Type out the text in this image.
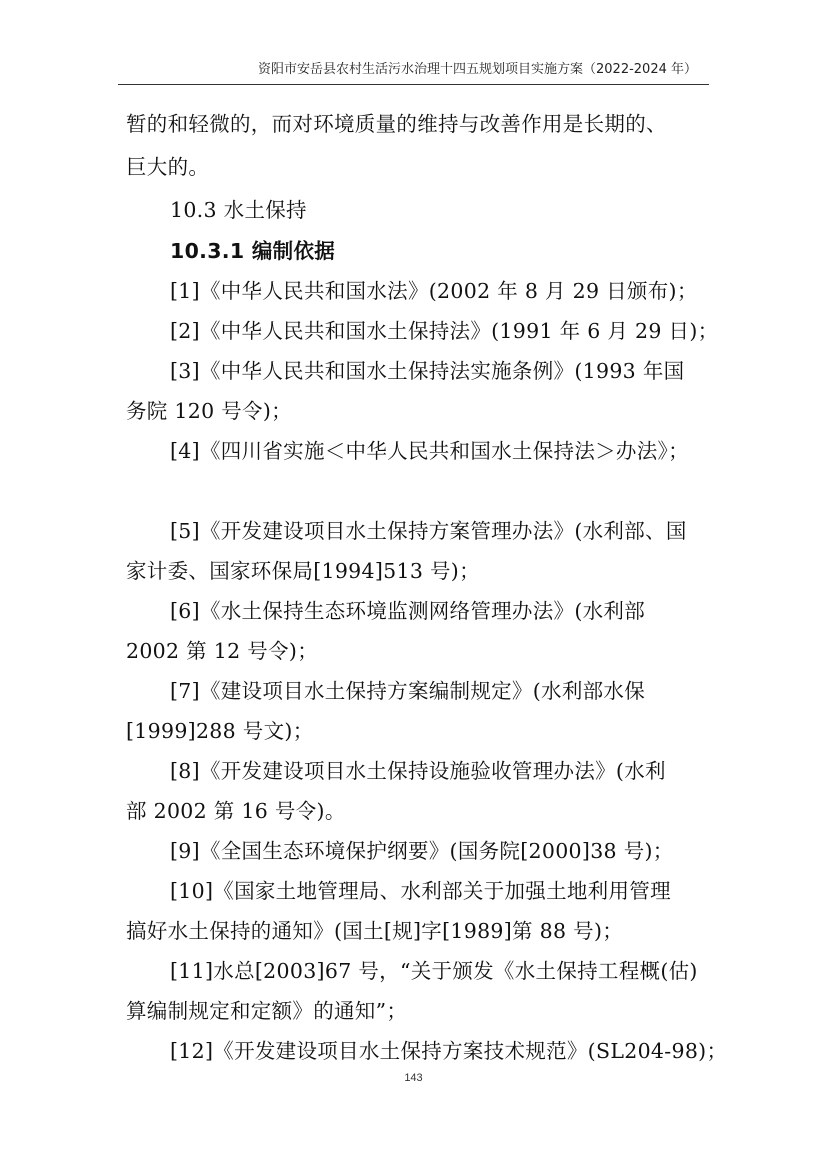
资阳市安岳县农村生活污水治理十四五规划项目实施方案（2022-2024 年）
暂的和轻微的，而对环境质量的维持与改善作用是长期的、
巨大的。
10.3 水土保持
10.3.1 编制依据
[1]《中华人民共和国水法》(2002 年 8 月 29 日颁布)；
[2]《中华人民共和国水土保持法》(1991 年 6 月 29 日)；
[3]《中华人民共和国水土保持法实施条例》(1993 年国
务院 120 号令)；
[4]《四川省实施＜中华人民共和国水土保持法＞办法》；
[5]《开发建设项目水土保持方案管理办法》(水利部、国
家计委、国家环保局[1994]513 号)；
[6]《水土保持生态环境监测网络管理办法》(水利部
2002 第 12 号令)；
[7]《建设项目水土保持方案编制规定》(水利部水保
[1999]288 号文)；
[8]《开发建设项目水土保持设施验收管理办法》(水利
部 2002 第 16 号令)。
[9]《全国生态环境保护纲要》(国务院[2000]38 号)；
[10]《国家土地管理局、水利部关于加强土地利用管理
搞好水土保持的通知》(国土[规]字[1989]第 88 号)；
[11]水总[2003]67 号，“关于颁发《水土保持工程概(估)
算编制规定和定额》的通知”；
[12]《开发建设项目水土保持方案技术规范》(SL204-98)；
143
